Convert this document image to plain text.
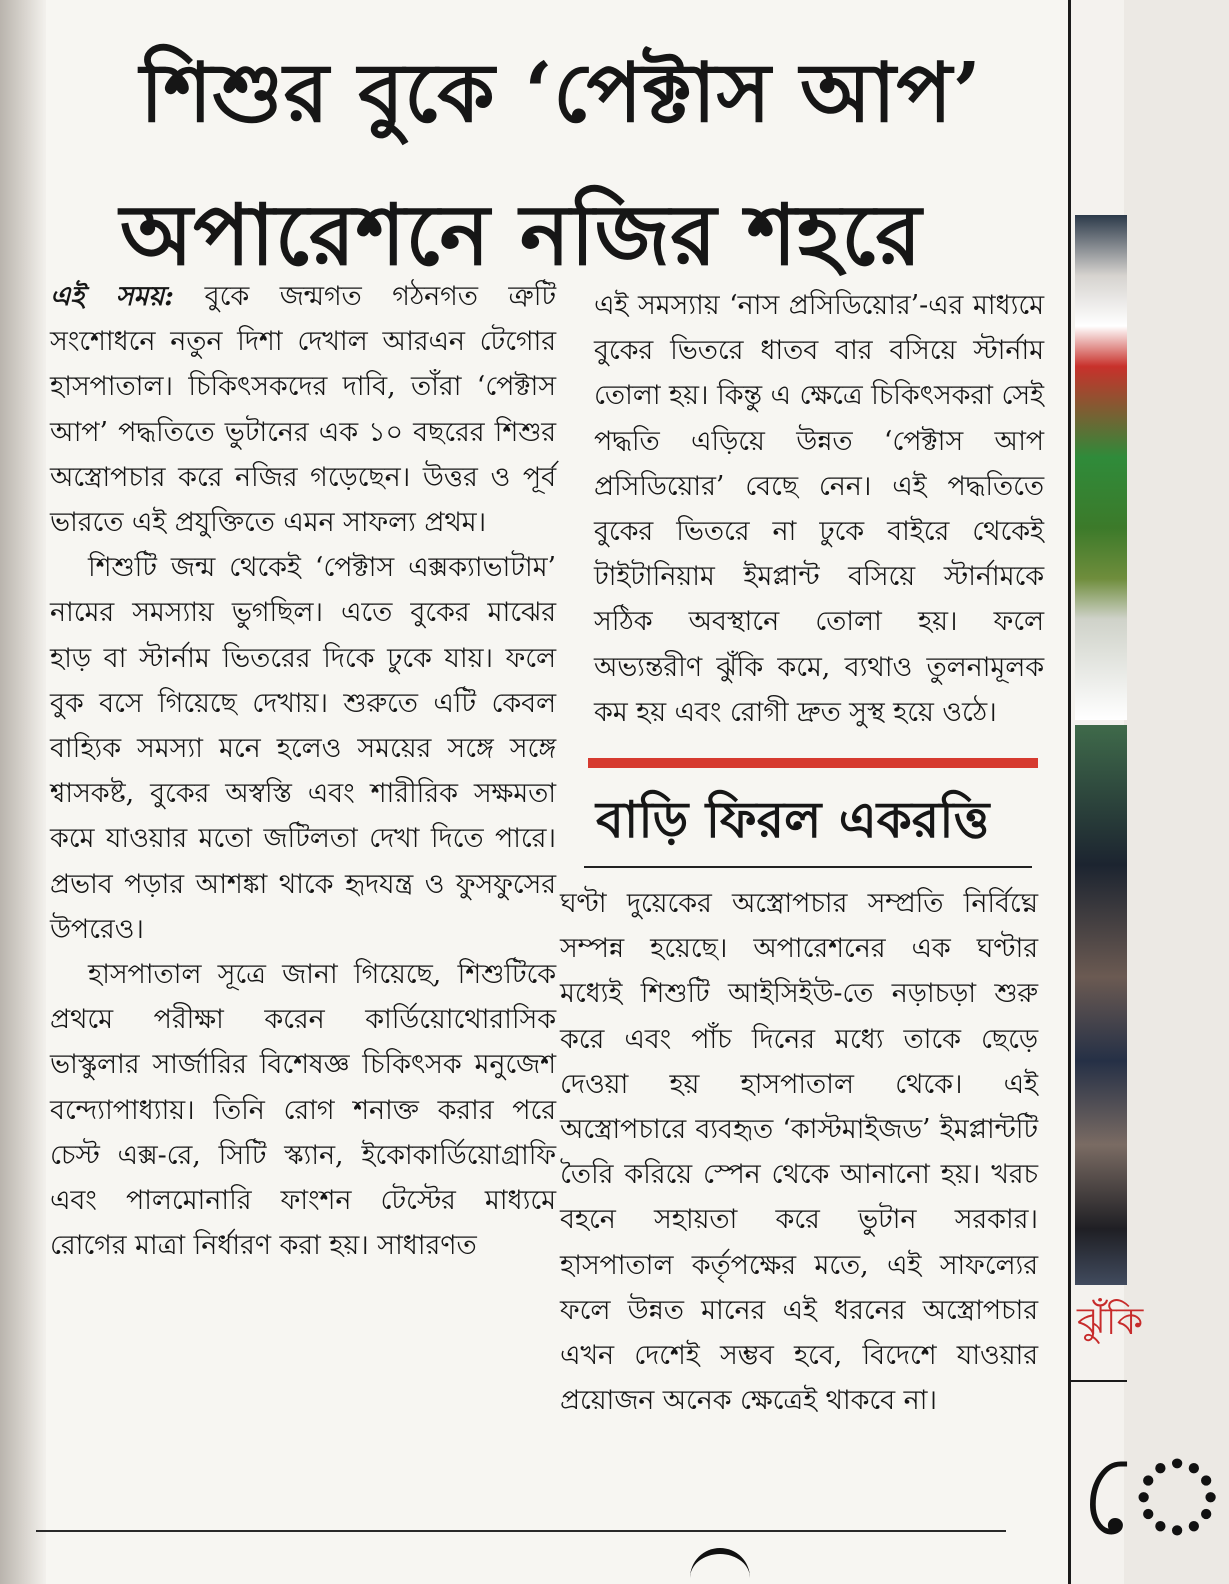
শিশুর বুকে ‘পেক্টাস আপ’
অপারেশনে নজির শহরে

এই সময়: বুকে জন্মগত গঠনগত ত্রুটি সংশোধনে নতুন দিশা দেখাল আরএন টেগোর হাসপাতাল। চিকিৎসকদের দাবি, তাঁরা ‘পেক্টাস আপ’ পদ্ধতিতে ভুটানের এক ১০ বছরের শিশুর অস্ত্রোপচার করে নজির গড়েছেন। উত্তর ও পূর্ব ভারতে এই প্রযুক্তিতে এমন সাফল্য প্রথম।

শিশুটি জন্ম থেকেই ‘পেক্টাস এক্সক্যাভাটাম’ নামের সমস্যায় ভুগছিল। এতে বুকের মাঝের হাড় বা স্টার্নাম ভিতরের দিকে ঢুকে যায়। ফলে বুক বসে গিয়েছে দেখায়। শুরুতে এটি কেবল বাহ্যিক সমস্যা মনে হলেও সময়ের সঙ্গে সঙ্গে শ্বাসকষ্ট, বুকের অস্বস্তি এবং শারীরিক সক্ষমতা কমে যাওয়ার মতো জটিলতা দেখা দিতে পারে। প্রভাব পড়ার আশঙ্কা থাকে হৃদযন্ত্র ও ফুসফুসের উপরেও।

হাসপাতাল সূত্রে জানা গিয়েছে, শিশুটিকে প্রথমে পরীক্ষা করেন কার্ডিয়োথোরাসিক ভাস্কুলার সার্জারির বিশেষজ্ঞ চিকিৎসক মনুজেশ বন্দ্যোপাধ্যায়। তিনি রোগ শনাক্ত করার পরে চেস্ট এক্স-রে, সিটি স্ক্যান, ইকোকার্ডিয়োগ্রাফি এবং পালমোনারি ফাংশন টেস্টের মাধ্যমে রোগের মাত্রা নির্ধারণ করা হয়। সাধারণত

এই সমস্যায় ‘নাস প্রসিডিয়োর’-এর মাধ্যমে বুকের ভিতরে ধাতব বার বসিয়ে স্টার্নাম তোলা হয়। কিন্তু এ ক্ষেত্রে চিকিৎসকরা সেই পদ্ধতি এড়িয়ে উন্নত ‘পেক্টাস আপ প্রসিডিয়োর’ বেছে নেন। এই পদ্ধতিতে বুকের ভিতরে না ঢুকে বাইরে থেকেই টাইটানিয়াম ইমপ্লান্ট বসিয়ে স্টার্নামকে সঠিক অবস্থানে তোলা হয়। ফলে অভ্যন্তরীণ ঝুঁকি কমে, ব্যথাও তুলনামূলক কম হয় এবং রোগী দ্রুত সুস্থ হয়ে ওঠে।

বাড়ি ফিরল একরত্তি

ঘণ্টা দুয়েকের অস্ত্রোপচার সম্প্রতি নির্বিঘ্নে সম্পন্ন হয়েছে। অপারেশনের এক ঘণ্টার মধ্যেই শিশুটি আইসিইউ-তে নড়াচড়া শুরু করে এবং পাঁচ দিনের মধ্যে তাকে ছেড়ে দেওয়া হয় হাসপাতাল থেকে। এই অস্ত্রোপচারে ব্যবহৃত ‘কাস্টমাইজড’ ইমপ্লান্টটি তৈরি করিয়ে স্পেন থেকে আনানো হয়। খরচ বহনে সহায়তা করে ভুটান সরকার। হাসপাতাল কর্তৃপক্ষের মতে, এই সাফল্যের ফলে উন্নত মানের এই ধরনের অস্ত্রোপচার এখন দেশেই সম্ভব হবে, বিদেশে যাওয়ার প্রয়োজন অনেক ক্ষেত্রেই থাকবে না।

ঝুঁকি
ে
